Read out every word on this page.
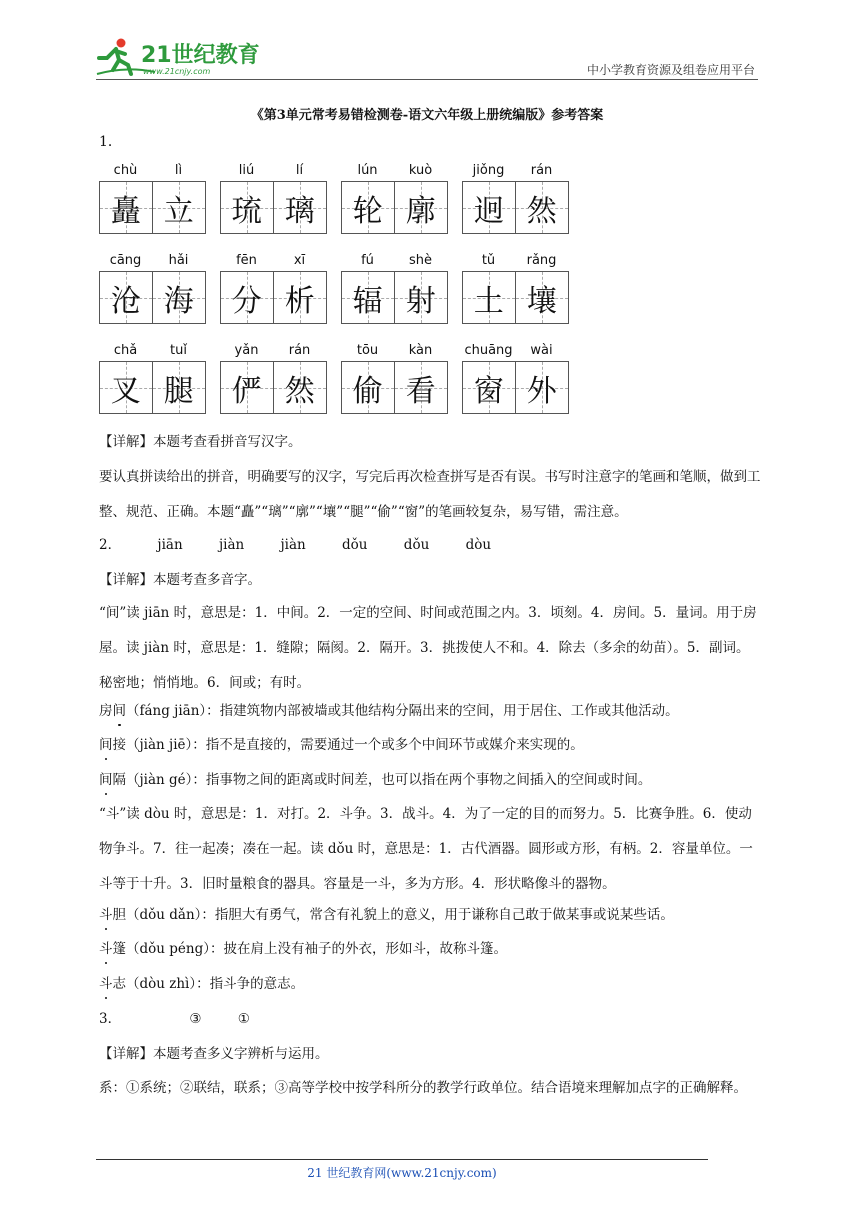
21世纪教育
www.21cnjy.com	中小学教育资源及组卷应用平台
《第3单元常考易错检测卷-语文六年级上册统编版》参考答案
1．
chù	lì
矗 立
liú	lí
琉 璃
lún	kuò
轮 廓
jiǒng	rán
迥 然
cāng	hǎi
沧 海
fēn	xī
分 析
fú	shè
辐 射
tǔ	rǎng
土 壤
chǎ	tuǐ
叉 腿
yǎn	rán
俨 然
tōu	kàn
偷 看
chuāng	wài
窗 外
【详解】本题考查看拼音写汉字。
要认真拼读给出的拼音，明确要写的汉字，写完后再次检查拼写是否有误。书写时注意字的笔画和笔顺，做到工整、规范、正确。本题“矗”“璃”“廓”“壤”“腿”“偷”“窗”的笔画较复杂，易写错，需注意。
2．	jiān	jiàn	jiàn	dǒu	dǒu	dòu
【详解】本题考查多音字。
“间”读 jiān 时，意思是：1．中间。2．一定的空间、时间或范围之内。3．顷刻。4．房间。5．量词。用于房屋。读 jiàn 时，意思是：1．缝隙；隔阂。2．隔开。3．挑拨使人不和。4．除去（多余的幼苗）。5．副词。秘密地；悄悄地。6．间或；有时。
房间（fáng jiān）：指建筑物内部被墙或其他结构分隔出来的空间，用于居住、工作或其他活动。
间接（jiàn jiē）：指不是直接的，需要通过一个或多个中间环节或媒介来实现的。
间隔（jiàn gé）：指事物之间的距离或时间差，也可以指在两个事物之间插入的空间或时间。
“斗”读 dòu 时，意思是：1．对打。2．斗争。3．战斗。4．为了一定的目的而努力。5．比赛争胜。6．使动物争斗。7．往一起凑；凑在一起。读 dǒu 时，意思是：1．古代酒器。圆形或方形，有柄。2．容量单位。一斗等于十升。3．旧时量粮食的器具。容量是一斗，多为方形。4．形状略像斗的器物。
斗胆（dǒu dǎn）：指胆大有勇气，常含有礼貌上的意义，用于谦称自己敢于做某事或说某些话。
斗篷（dǒu péng）：披在肩上没有袖子的外衣，形如斗，故称斗篷。
斗志（dòu zhì）：指斗争的意志。
3．	③	①
【详解】本题考查多义字辨析与运用。
系：①系统；②联结，联系；③高等学校中按学科所分的教学行政单位。结合语境来理解加点字的正确解释。
21 世纪教育网(www.21cnjy.com)
